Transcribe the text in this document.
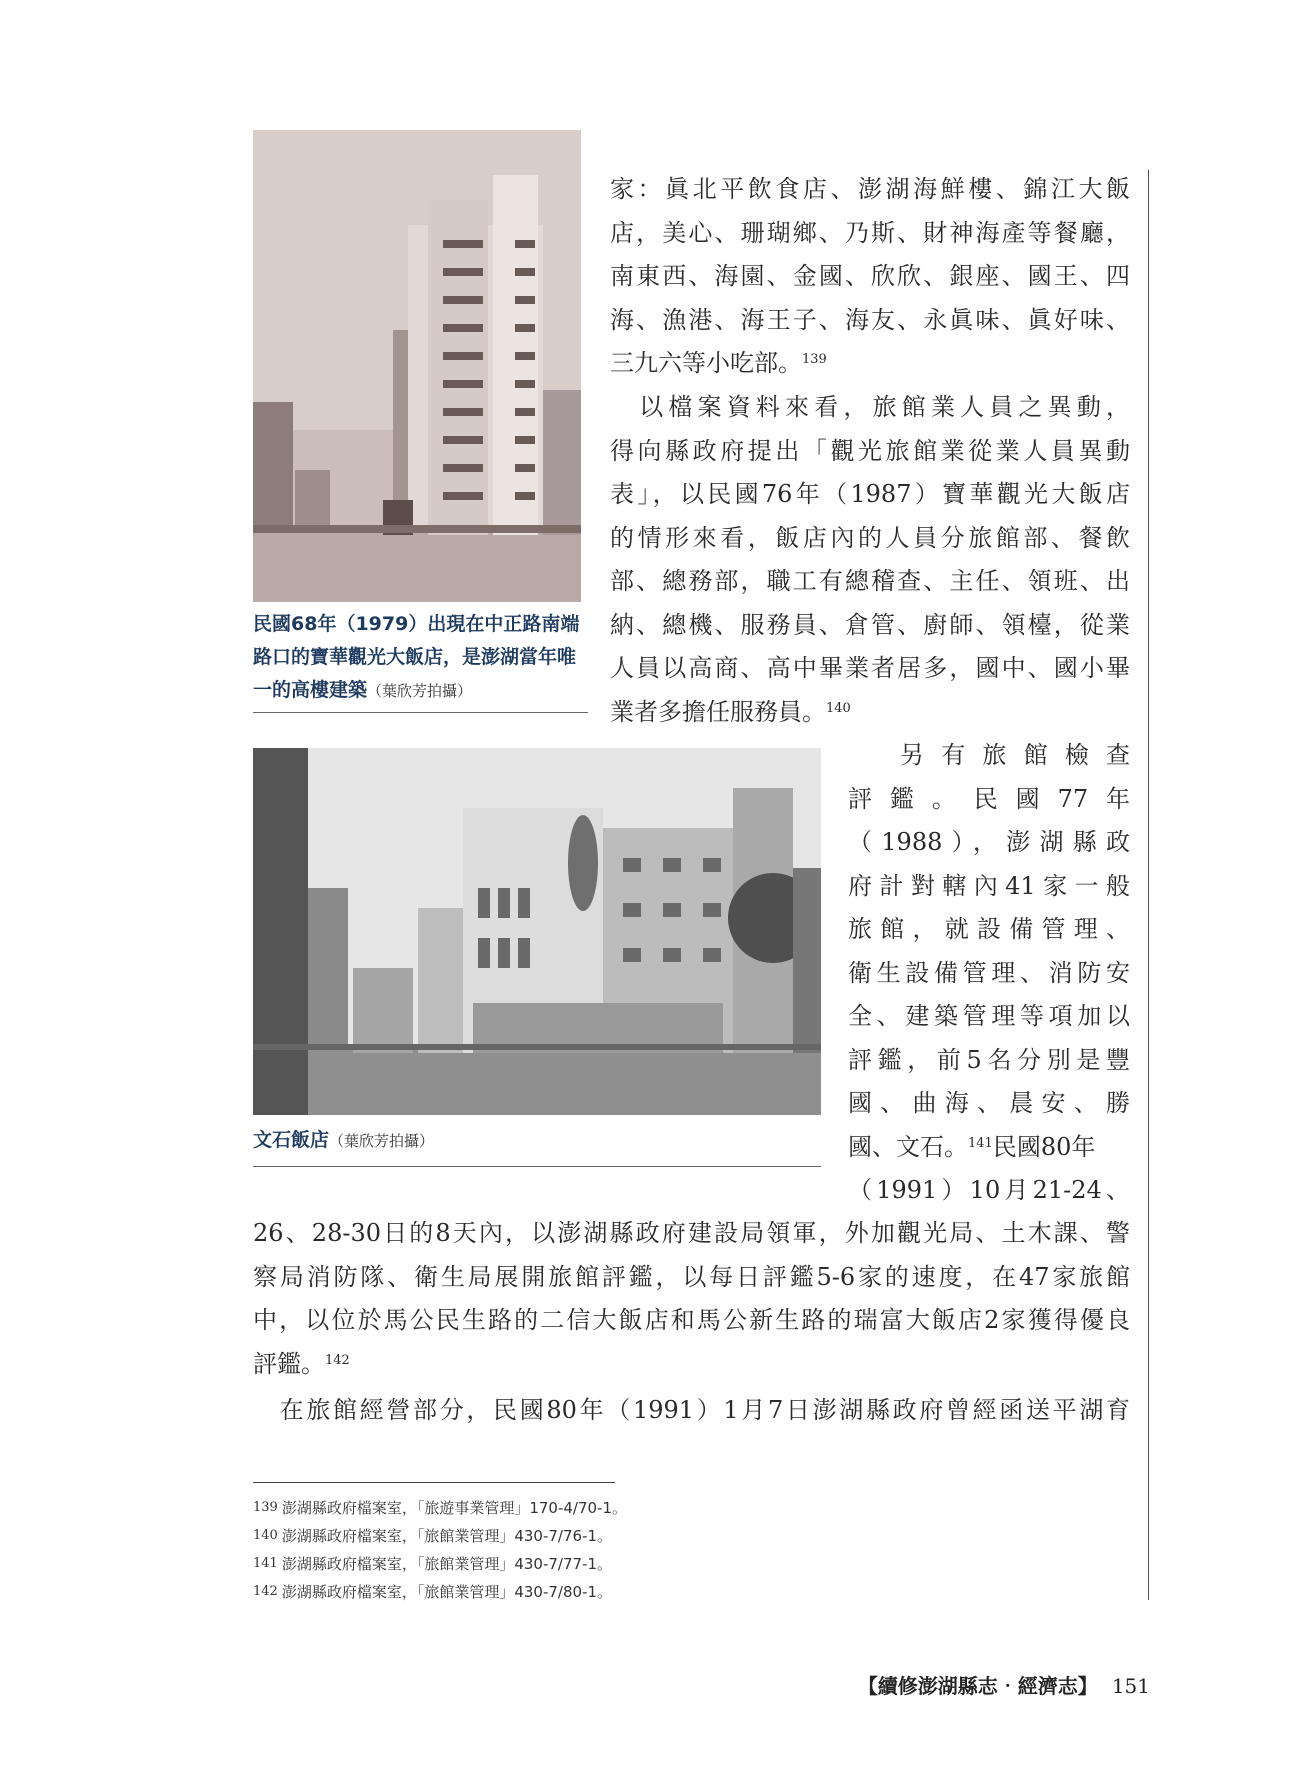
民國68年（1979）出現在中正路南端路口的寶華觀光大飯店，是澎湖當年唯一的高樓建築（葉欣芳拍攝）
文石飯店（葉欣芳拍攝）
家：眞北平飲食店、澎湖海鮮樓、錦江大飯
店，美心、珊瑚鄉、乃斯、財神海產等餐廳，
南東西、海園、金國、欣欣、銀座、國王、四
海、漁港、海王子、海友、永眞味、眞好味、
三九六等小吃部。$^{139}$
　以檔案資料來看，旅館業人員之異動，
得向縣政府提出「觀光旅館業從業人員異動
表」，以民國76年（1987）寶華觀光大飯店
的情形來看，飯店內的人員分旅館部、餐飲
部、總務部，職工有總稽查、主任、領班、出
納、總機、服務員、倉管、廚師、領檯，從業
人員以高商、高中畢業者居多，國中、國小畢
業者多擔任服務員。$^{140}$
另有旅館檢查
評鑑。民國77年
（1988），澎湖縣政
府計對轄內41家一般
旅館，就設備管理、
衛生設備管理、消防安
全、建築管理等項加以
評鑑，前5名分別是豐
國、曲海、晨安、勝
國、文石。$^{141}$民國80年
（1991）10月21-24、
26、28-30日的8天內，以澎湖縣政府建設局領軍，外加觀光局、土木課、警
察局消防隊、衛生局展開旅館評鑑，以每日評鑑5-6家的速度，在47家旅館
中，以位於馬公民生路的二信大飯店和馬公新生路的瑞富大飯店2家獲得優良
評鑑。$^{142}$
　在旅館經營部分，民國80年（1991）1月7日澎湖縣政府曾經函送平湖育
139 澎湖縣政府檔案室，「旅遊事業管理」170-4/70-1。
140 澎湖縣政府檔案室，「旅館業管理」430-7/76-1。
141 澎湖縣政府檔案室，「旅館業管理」430-7/77-1。
142 澎湖縣政府檔案室，「旅館業管理」430-7/80-1。
【續修澎湖縣志‧經濟志】 151
